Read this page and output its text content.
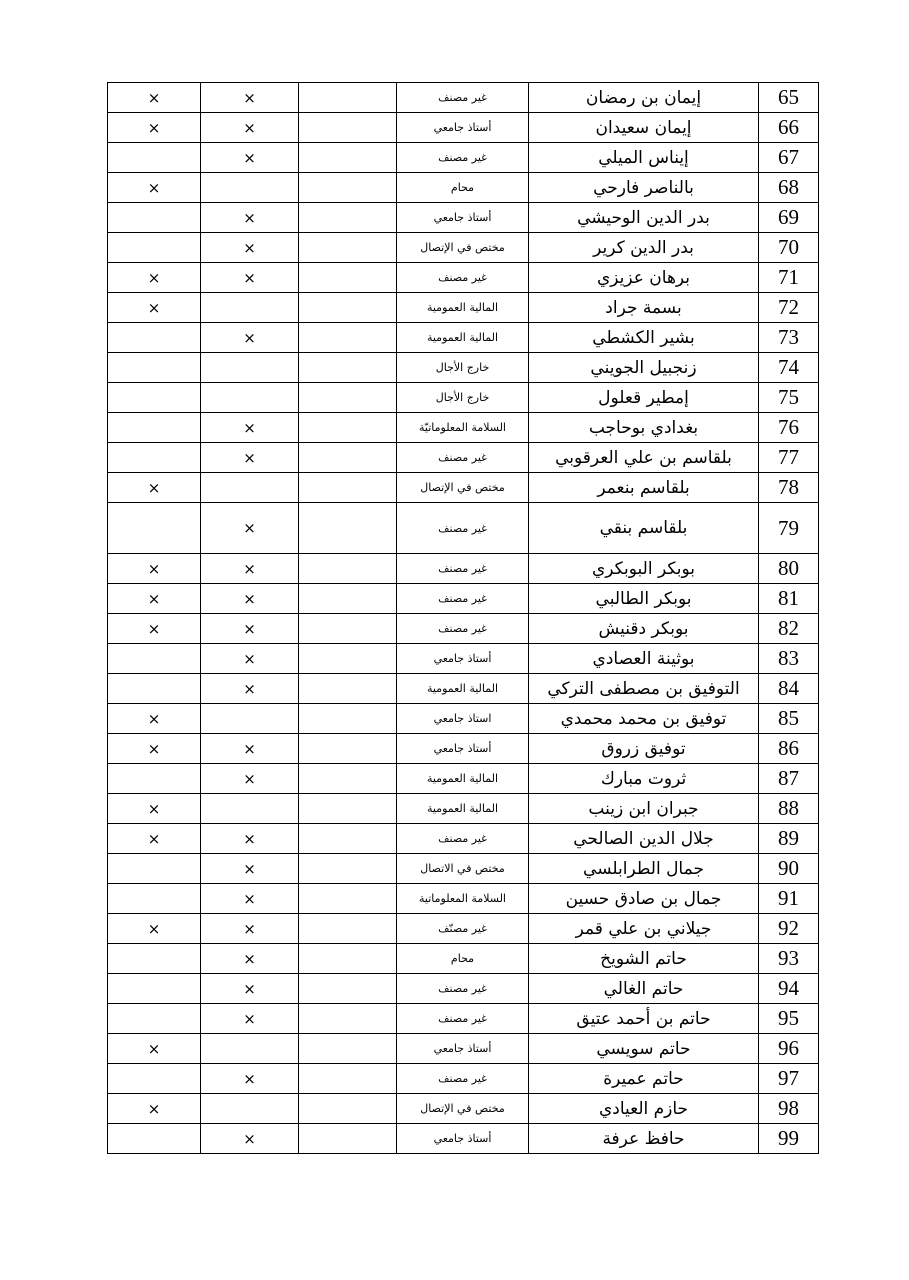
×	×		غير مصنف	إيمان بن رمضان	65
×	×		أستاذ جامعي	إيمان سعيدان	66
	×		غير مصنف	إيناس الميلي	67
×			محام	بالناصر فارحي	68
	×		أستاذ جامعي	بدر الدين الوحيشي	69
	×		مختص في الإتصال	بدر الدين كرير	70
×	×		غير مصنف	برهان عزيزي	71
×			المالية العمومية	بسمة جراد	72
	×		المالية العمومية	بشير الكشطي	73
			خارج الأجال	زنجبيل الجويني	74
			خارج الأجال	إمطير قعلول	75
	×		السلامة المعلوماتيّة	بغدادي بوحاجب	76
	×		غير مصنف	بلقاسم بن علي العرقوبي	77
×			مختص في الإتصال	بلقاسم بنعمر	78
	×		غير مصنف	بلقاسم بنقي	79
×	×		غير مصنف	بوبكر البوبكري	80
×	×		غير مصنف	بوبكر الطالبي	81
×	×		غير مصنف	بوبكر دقنيش	82
	×		أستاذ جامعي	بوثينة العصادي	83
	×		المالية العمومية	التوفيق بن مصطفى التركي	84
×			استاذ جامعي	توفيق بن محمد محمدي	85
×	×		أستاذ جامعي	توفيق زروق	86
	×		المالية العمومية	ثروت مبارك	87
×			المالية العمومية	جبران ابن زينب	88
×	×		غير مصنف	جلال الدين الصالحي	89
	×		مختص في الاتصال	جمال الطرابلسي	90
	×		السلامة المعلوماتية	جمال بن صادق حسين	91
×	×		غير مصنّف	جيلاني بن علي قمر	92
	×		محام	حاتم الشويخ	93
	×		غير مصنف	حاتم الغالي	94
	×		غير مصنف	حاتم بن أحمد عتيق	95
×			أستاذ جامعي	حاتم سويسي	96
	×		غير مصنف	حاتم عميرة	97
×			مختص في الإتصال	حازم العيادي	98
	×		أستاذ جامعي	حافظ عرفة	99
